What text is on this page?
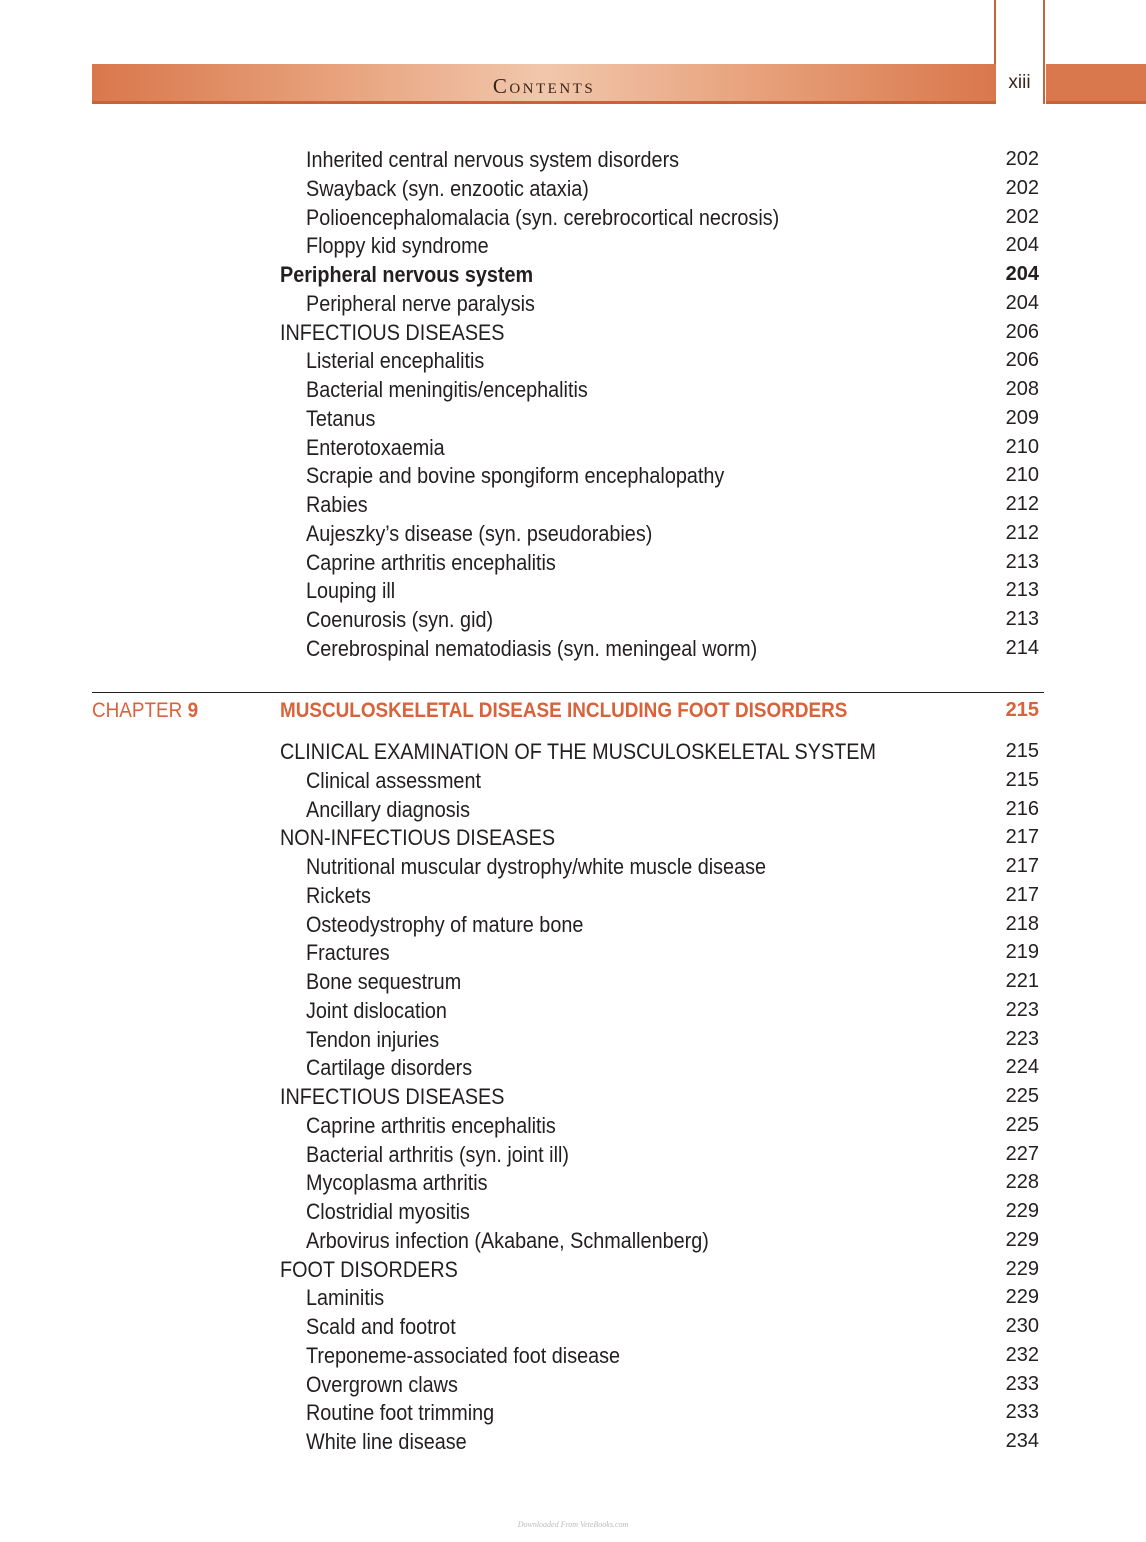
Contents	xiii
Inherited central nervous system disorders	202
Swayback (syn. enzootic ataxia)	202
Polioencephalomalacia (syn. cerebrocortical necrosis)	202
Floppy kid syndrome	204
Peripheral nervous system	204
Peripheral nerve paralysis	204
INFECTIOUS DISEASES	206
Listerial encephalitis	206
Bacterial meningitis/encephalitis	208
Tetanus	209
Enterotoxaemia	210
Scrapie and bovine spongiform encephalopathy	210
Rabies	212
Aujeszky’s disease (syn. pseudorabies)	212
Caprine arthritis encephalitis	213
Louping ill	213
Coenurosis (syn. gid)	213
Cerebrospinal nematodiasis (syn. meningeal worm)	214
CHAPTER 9	MUSCULOSKELETAL DISEASE INCLUDING FOOT DISORDERS	215
CLINICAL EXAMINATION OF THE MUSCULOSKELETAL SYSTEM	215
Clinical assessment	215
Ancillary diagnosis	216
NON-INFECTIOUS DISEASES	217
Nutritional muscular dystrophy/white muscle disease	217
Rickets	217
Osteodystrophy of mature bone	218
Fractures	219
Bone sequestrum	221
Joint dislocation	223
Tendon injuries	223
Cartilage disorders	224
INFECTIOUS DISEASES	225
Caprine arthritis encephalitis	225
Bacterial arthritis (syn. joint ill)	227
Mycoplasma arthritis	228
Clostridial myositis	229
Arbovirus infection (Akabane, Schmallenberg)	229
FOOT DISORDERS	229
Laminitis	229
Scald and footrot	230
Treponeme-associated foot disease	232
Overgrown claws	233
Routine foot trimming	233
White line disease	234
Downloaded From VeteBooks.com
